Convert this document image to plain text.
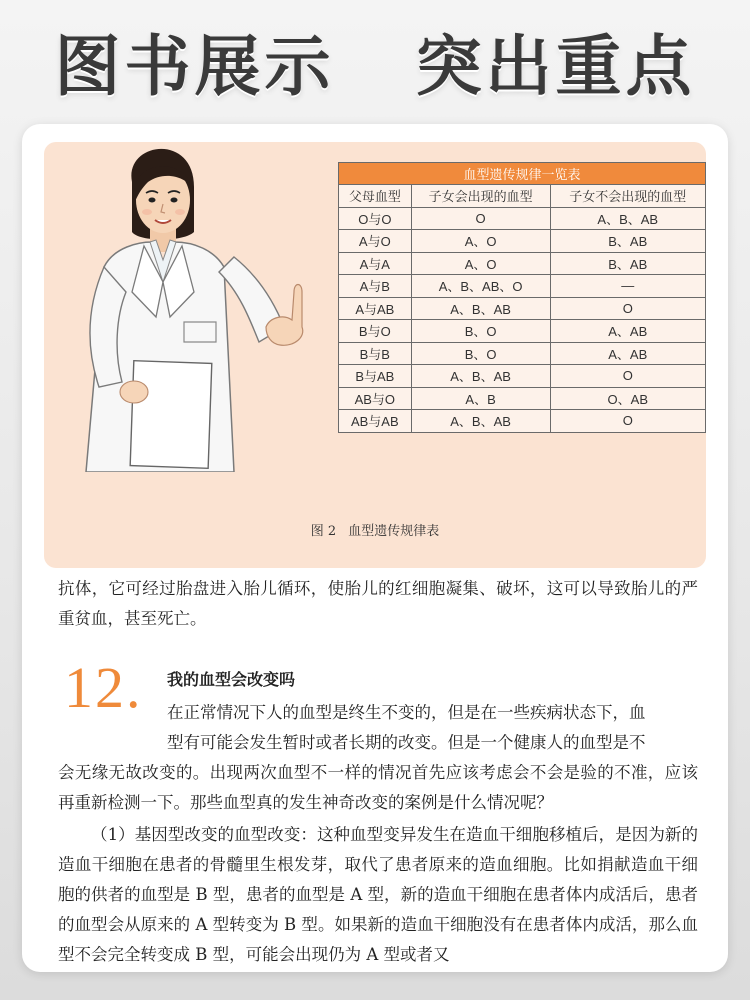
图书展示
突出重点
血型遗传规律一览表		
父母血型	子女会出现的血型	子女不会出现的血型
O与O	O	A、B、AB
A与O	A、O	B、AB
A与A	A、O	B、AB
A与B	A、B、AB、O	—
A与AB	A、B、AB	O
B与O	B、O	A、AB
B与B	B、O	A、AB
B与AB	A、B、AB	O
AB与O	A、B	O、AB
AB与AB	A、B、AB	O
图 2 血型遗传规律表

抗体，它可经过胎盘进入胎儿循环，使胎儿的红细胞凝集、破坏，这可以导致胎儿的严重贫血，甚至死亡。

12. 我的血型会改变吗
在正常情况下人的血型是终生不变的，但是在一些疾病状态下，血
型有可能会发生暂时或者长期的改变。但是一个健康人的血型是不
会无缘无故改变的。出现两次血型不一样的情况首先应该考虑会不会是验的不准，应该再重新检测一下。那些血型真的发生神奇改变的案例是什么情况呢？

（1）基因型改变的血型改变：这种血型变异发生在造血干细胞移植后，是因为新的造血干细胞在患者的骨髓里生根发芽，取代了患者原来的造血细胞。比如捐献造血干细胞的供者的血型是 B 型，患者的血型是 A 型，新的造血干细胞在患者体内成活后，患者的血型会从原来的 A 型转变为 B 型。如果新的造血干细胞没有在患者体内成活，那么血型不会完全转变成 B 型，可能会出现仍为 A 型或者又
